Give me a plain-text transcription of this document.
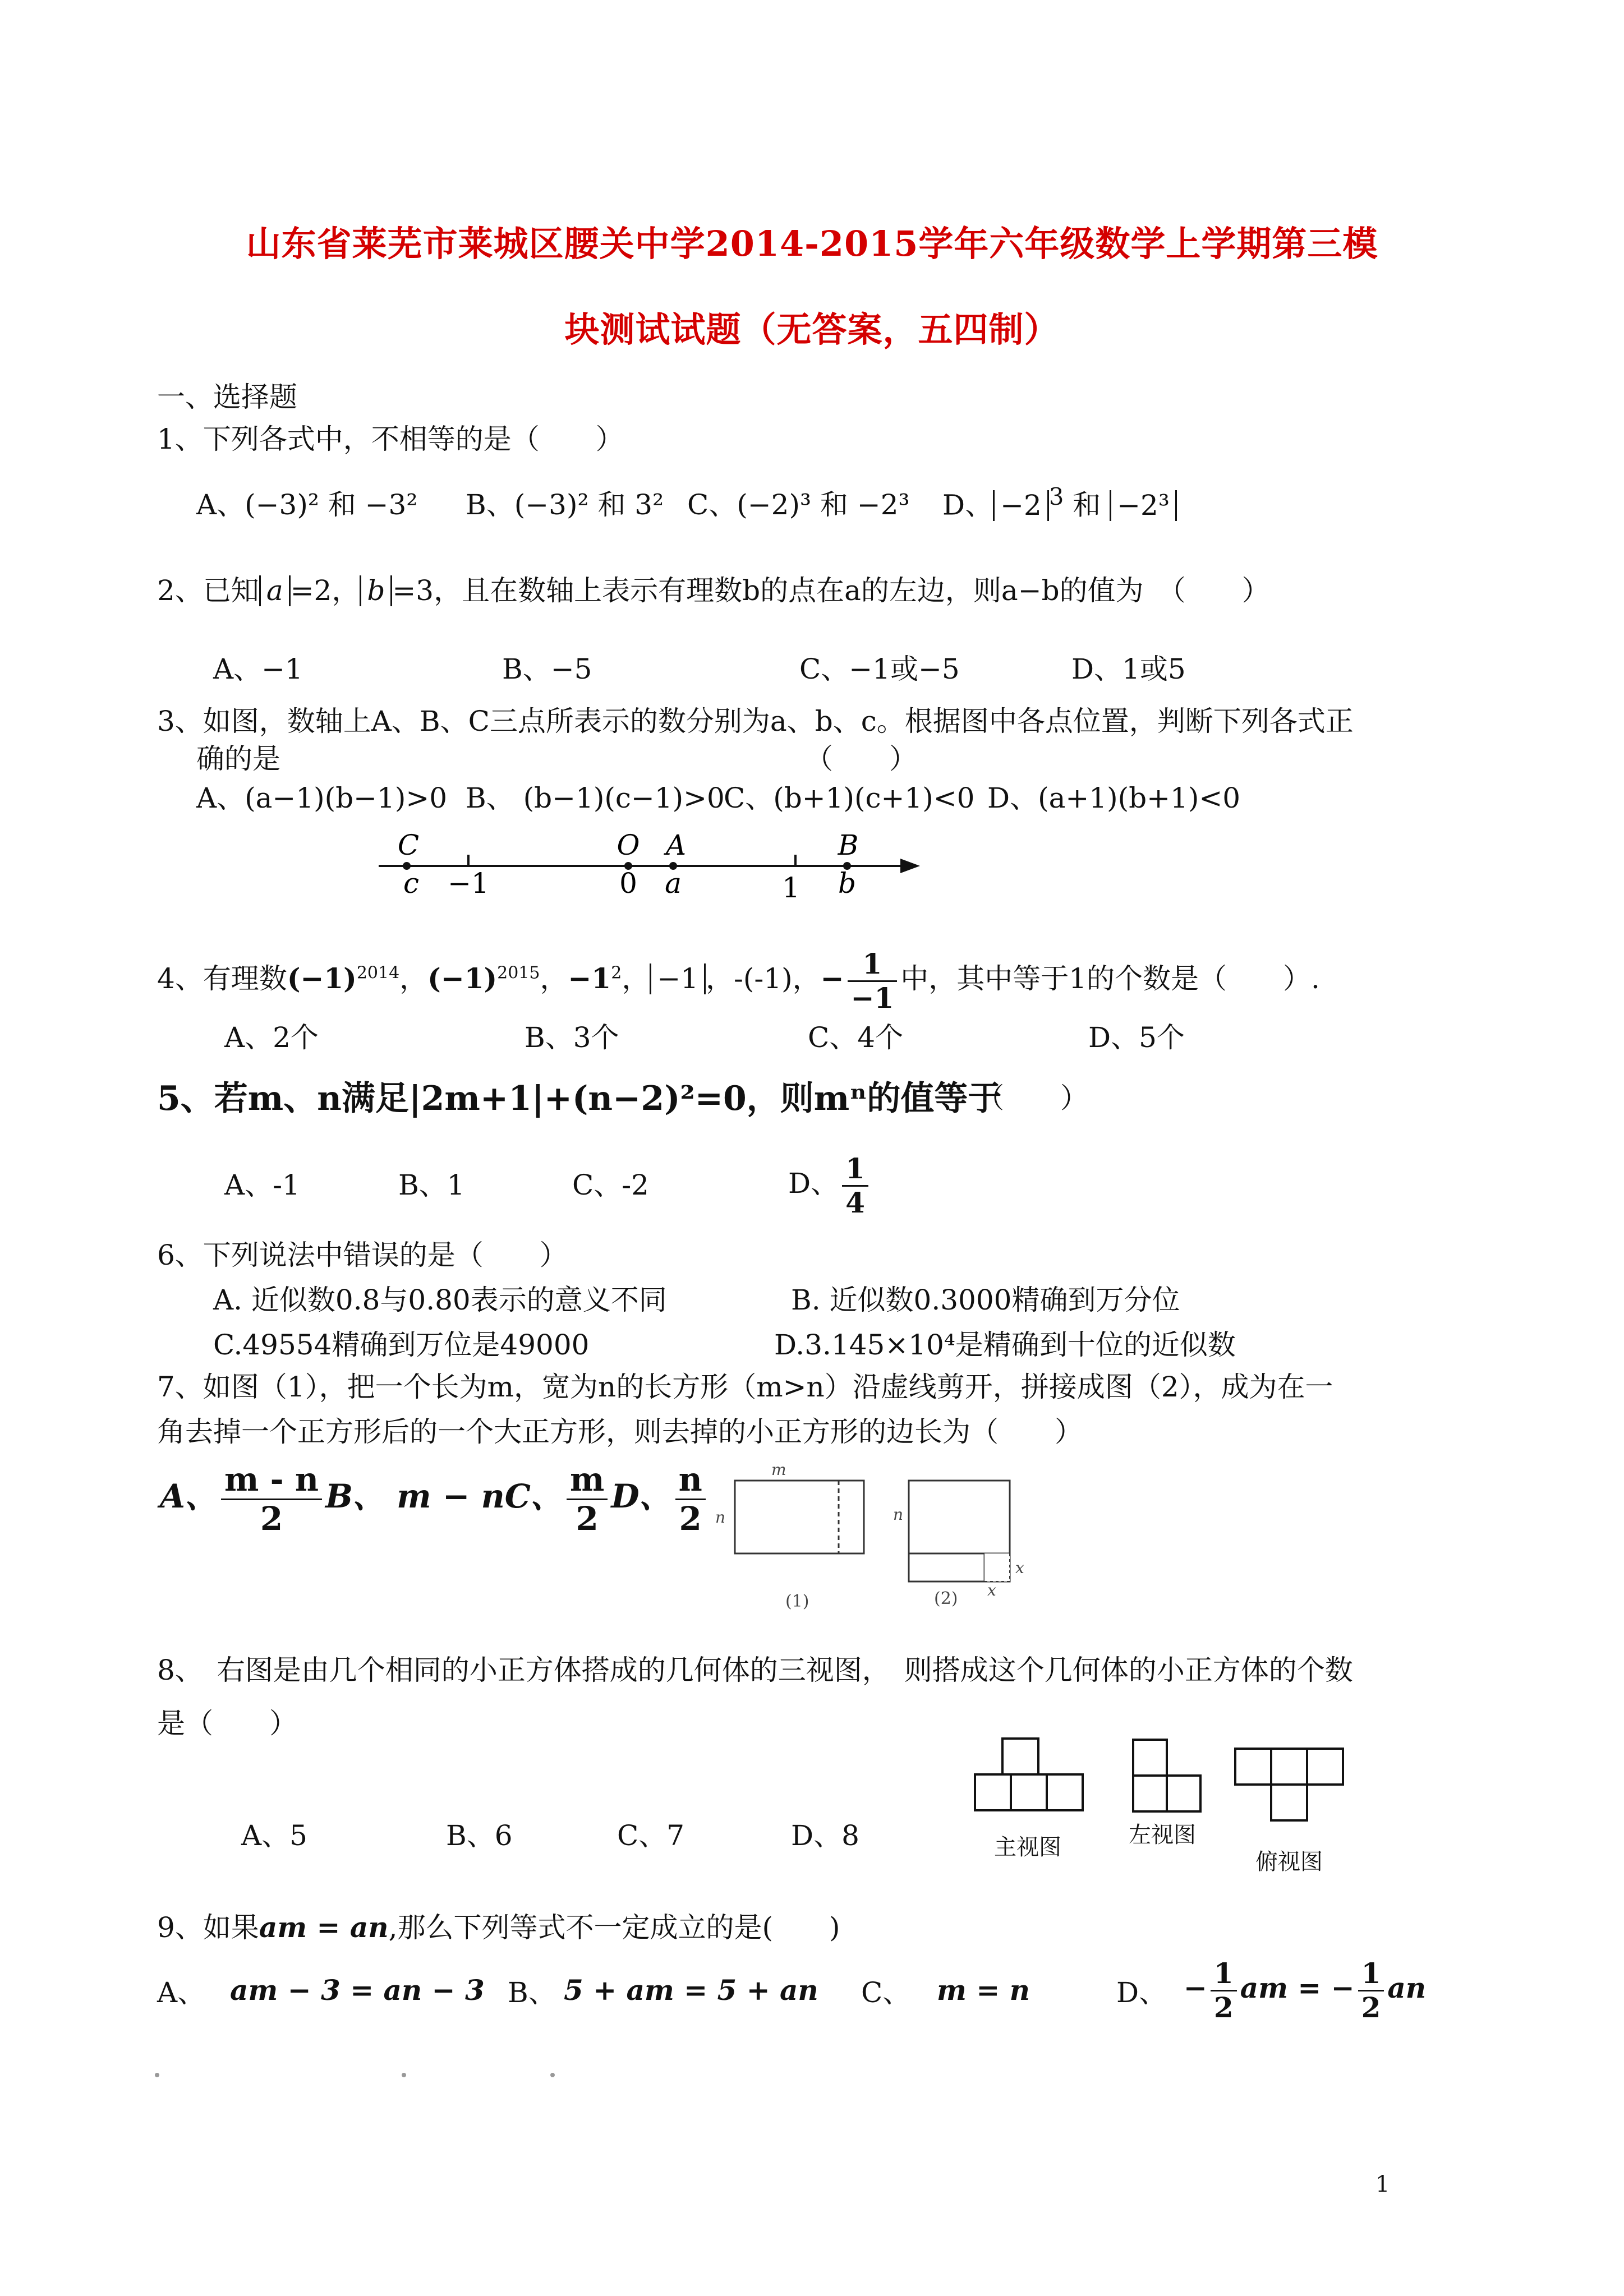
山东省莱芜市莱城区腰关中学2014-2015学年六年级数学上学期第三模
块测试试题（无答案，五四制）
一、选择题
1、下列各式中，不相等的是（　　）
A、(−3)² 和 −3² B、(−3)² 和 3² C、(−2)³ 和 −2³ D、 −2 $^3$ 和 −2³
2、已知 a =2， b =3，且在数轴上表示有理数b的点在a的左边，则a−b的值为　（　　）
A、−1	B、−5	C、−1或−5	D、1或5
3、如图，数轴上A、B、C三点所表示的数分别为a、b、c。根据图中各点位置，判断下列各式正
确的是	（　　）
A、(a−1)(b−1)>0 B、 (b−1)(c−1)>0
C、(b+1)(c+1)<0 D、(a+1)(b+1)<0
C	O A	B
c −1	0 a	1 b
4、有理数$(-1)^{2014}$，$(-1)^{2015}$，$-1^2$， −1 ，-(-1)，− $\frac{1}{-1}$ 中，其中等于1的个数是（　　）.
A、2个	B、3个	C、4个	D、5个
5、若m、n满足|2m+1|+(n−2)²=0，则mⁿ的值等于
（　　）
A、-1	B、1	C、-2	D、 $\frac{1}{4}$
6、下列说法中错误的是（　　）
A. 近似数0.8与0.80表示的意义不同	B. 近似数0.3000精确到万分位
C.49554精确到万位是49000	D.3.145×10⁴是精确到十位的近似数
7、如图（1），把一个长为m，宽为n的长方形（m>n）沿虚线剪开，拼接成图（2），成为在一
角去掉一个正方形后的一个大正方形，则去掉的小正方形的边长为（　　）
A、 $\frac{m - n}{2}$ B、 m − nC、 $\frac{m}{2}$ D、 $\frac{n}{2}$	m
n
(1)
n
x
x
(2)
8、　右图是由几个相同的小正方体搭成的几何体的三视图，　则搭成这个几何体的小正方体的个数
是（　　）
A、5	B、6	C、7	D、8	主视图	左视图
俯视图
9、如果am = an,那么下列等式不一定成立的是(　　)
A、 am − 3 = an − 3 B、 5 + am = 5 + an C、 m = n	D、 − $\frac{1}{2}$ am = − $\frac{1}{2}$ an
1
